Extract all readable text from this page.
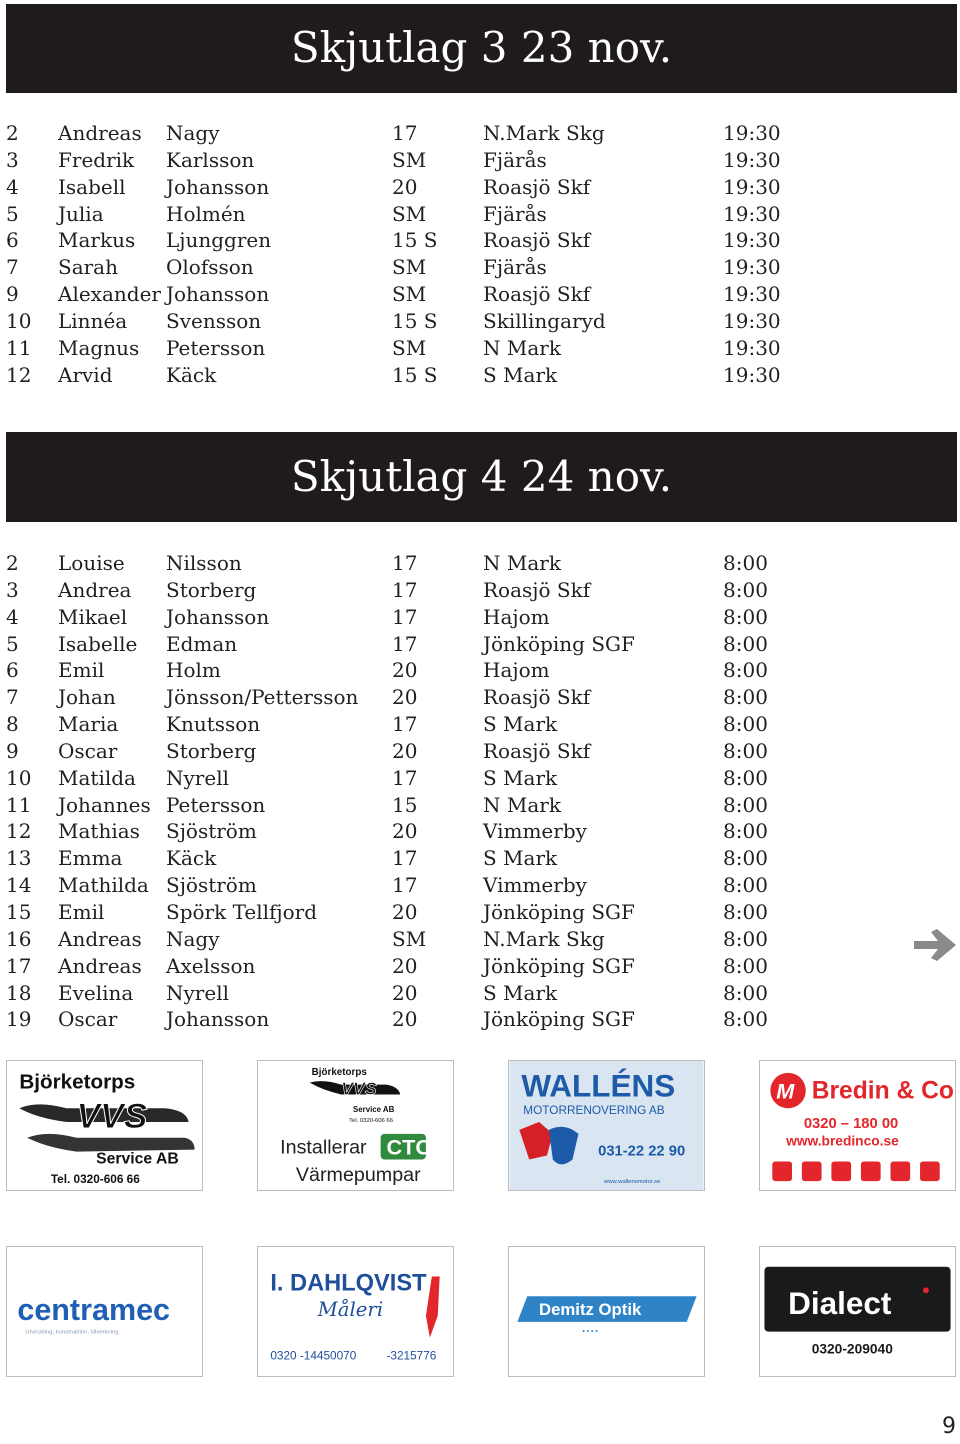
Skjutlag 3 23 nov.
2	Andreas	Nagy	17	N.Mark Skg	19:30
3	Fredrik	Karlsson	SM	Fjärås	19:30
4	Isabell	Johansson	20	Roasjö Skf	19:30
5	Julia	Holmén	SM	Fjärås	19:30
6	Markus	Ljunggren	15 S	Roasjö Skf	19:30
7	Sarah	Olofsson	SM	Fjärås	19:30
9	Alexander	Johansson	SM	Roasjö Skf	19:30
10	Linnéa	Svensson	15 S	Skillingaryd	19:30
11	Magnus	Petersson	SM	N Mark	19:30
12	Arvid	Käck	15 S	S Mark	19:30
Skjutlag 4 24 nov.
2	Louise	Nilsson	17	N Mark	8:00
3	Andrea	Storberg	17	Roasjö Skf	8:00
4	Mikael	Johansson	17	Hajom	8:00
5	Isabelle	Edman	17	Jönköping SGF	8:00
6	Emil	Holm	20	Hajom	8:00
7	Johan	Jönsson/Pettersson	20	Roasjö Skf	8:00
8	Maria	Knutsson	17	S Mark	8:00
9	Oscar	Storberg	20	Roasjö Skf	8:00
10	Matilda	Nyrell	17	S Mark	8:00
11	Johannes	Petersson	15	N Mark	8:00
12	Mathias	Sjöström	20	Vimmerby	8:00
13	Emma	Käck	17	S Mark	8:00
14	Mathilda	Sjöström	17	Vimmerby	8:00
15	Emil	Spörk Tellfjord	20	Jönköping SGF	8:00
16	Andreas	Nagy	SM	N.Mark Skg	8:00
17	Andreas	Axelsson	20	Jönköping SGF	8:00
18	Evelina	Nyrell	20	S Mark	8:00
19	Oscar	Johansson	20	Jönköping SGF	8:00
Björketorps
VVS
Service AB
Tel. 0320-606 66
Björketorps
VVS
Service AB
Tel. 0320-606 66
Installerar CTC
Värmepumpar
WALLÉNS
MOTORRENOVERING AB
031-22 22 90
www.wallensmotor.se
M Bredin & Co
0320 – 180 00
www.bredinco.se
centramec
Utveckling, konstruktion, tillverkning
I. DAHLQVIST
Måleri
0320 -14450070	-3215776
Demitz Optik
• • • •
Dialect
0320-209040
9
